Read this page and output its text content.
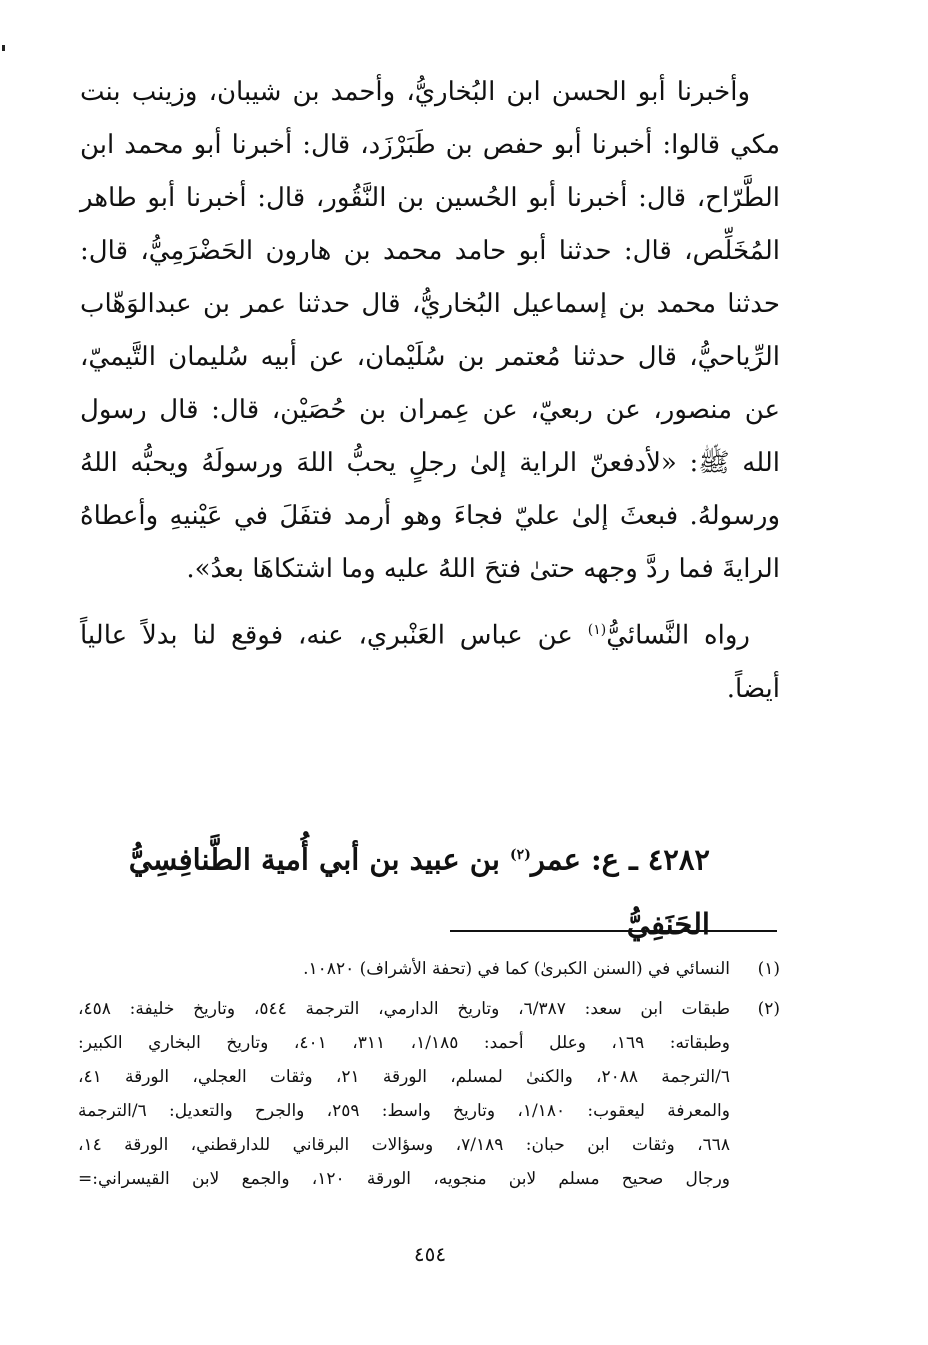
وأخبرنا أبو الحسن ابن البُخاريُّ، وأحمد بن شيبان، وزينب بنت مكي قالوا: أخبرنا أبو حفص بن طَبَرْزَد، قال: أخبرنا أبو محمد ابن الطَّرّاح، قال: أخبرنا أبو الحُسين بن النَّقُور، قال: أخبرنا أبو طاهر المُخَلِّص، قال: حدثنا أبو حامد محمد بن هارون الحَضْرَمِيُّ، قال: حدثنا محمد بن إسماعيل البُخاريُّ، قال حدثنا عمر بن عبدالوَهّاب الرِّياحيُّ، قال حدثنا مُعتمر بن سُلَيْمان، عن أبيه سُليمان التَّيميّ، عن منصور، عن ربعيّ، عن عِمران بن حُصَيْن، قال: قال رسول الله ﷺ: «لأدفعنّ الراية إلىٰ رجلٍ يحبُّ اللهَ ورسولَهُ ويحبُّه اللهُ ورسولهُ. فبعثَ إلىٰ عليّ فجاءَ وهو أرمد فتفَلَ في عَيْنيهِ وأعطاهُ الرايةَ فما ردَّ وجهه حتىٰ فتحَ اللهُ عليه وما اشتكاهَا بعدُ».

رواه النَّسائيُّ$^{(١)}$ عن عباس العَنْبري، عنه، فوقع لنا بدلاً عالياً أيضاً.

٤٢٨٢ ـ ع: عمر$^{(٢)}$ بن عبيد بن أبي أُمية الطَّنافِسِيُّ الحَنَفِيُّ
(١)
النسائي في (السنن الكبرىٰ) كما في (تحفة الأشراف) ١٠٨٢٠.
(٢)
طبقات ابن سعد: ٦/٣٨٧، وتاريخ الدارمي، الترجمة ٥٤٤، وتاريخ خليفة: ٤٥٨،
وطبقاته: ١٦٩، وعلل أحمد: ١/١٨٥، ٣١١، ٤٠١، وتاريخ البخاري الكبير:
٦/الترجمة ٢٠٨٨، والكنىٰ لمسلم، الورقة ٢١، وثقات العجلي، الورقة ٤١،
والمعرفة ليعقوب: ١/١٨٠، وتاريخ واسط: ٢٥٩، والجرح والتعديل: ٦/الترجمة
٦٦٨، وثقات ابن حبان: ٧/١٨٩، وسؤالات البرقاني للدارقطني، الورقة ١٤،
ورجال صحيح مسلم لابن منجويه، الورقة ١٢٠، والجمع لابن القيسراني:=
٤٥٤
